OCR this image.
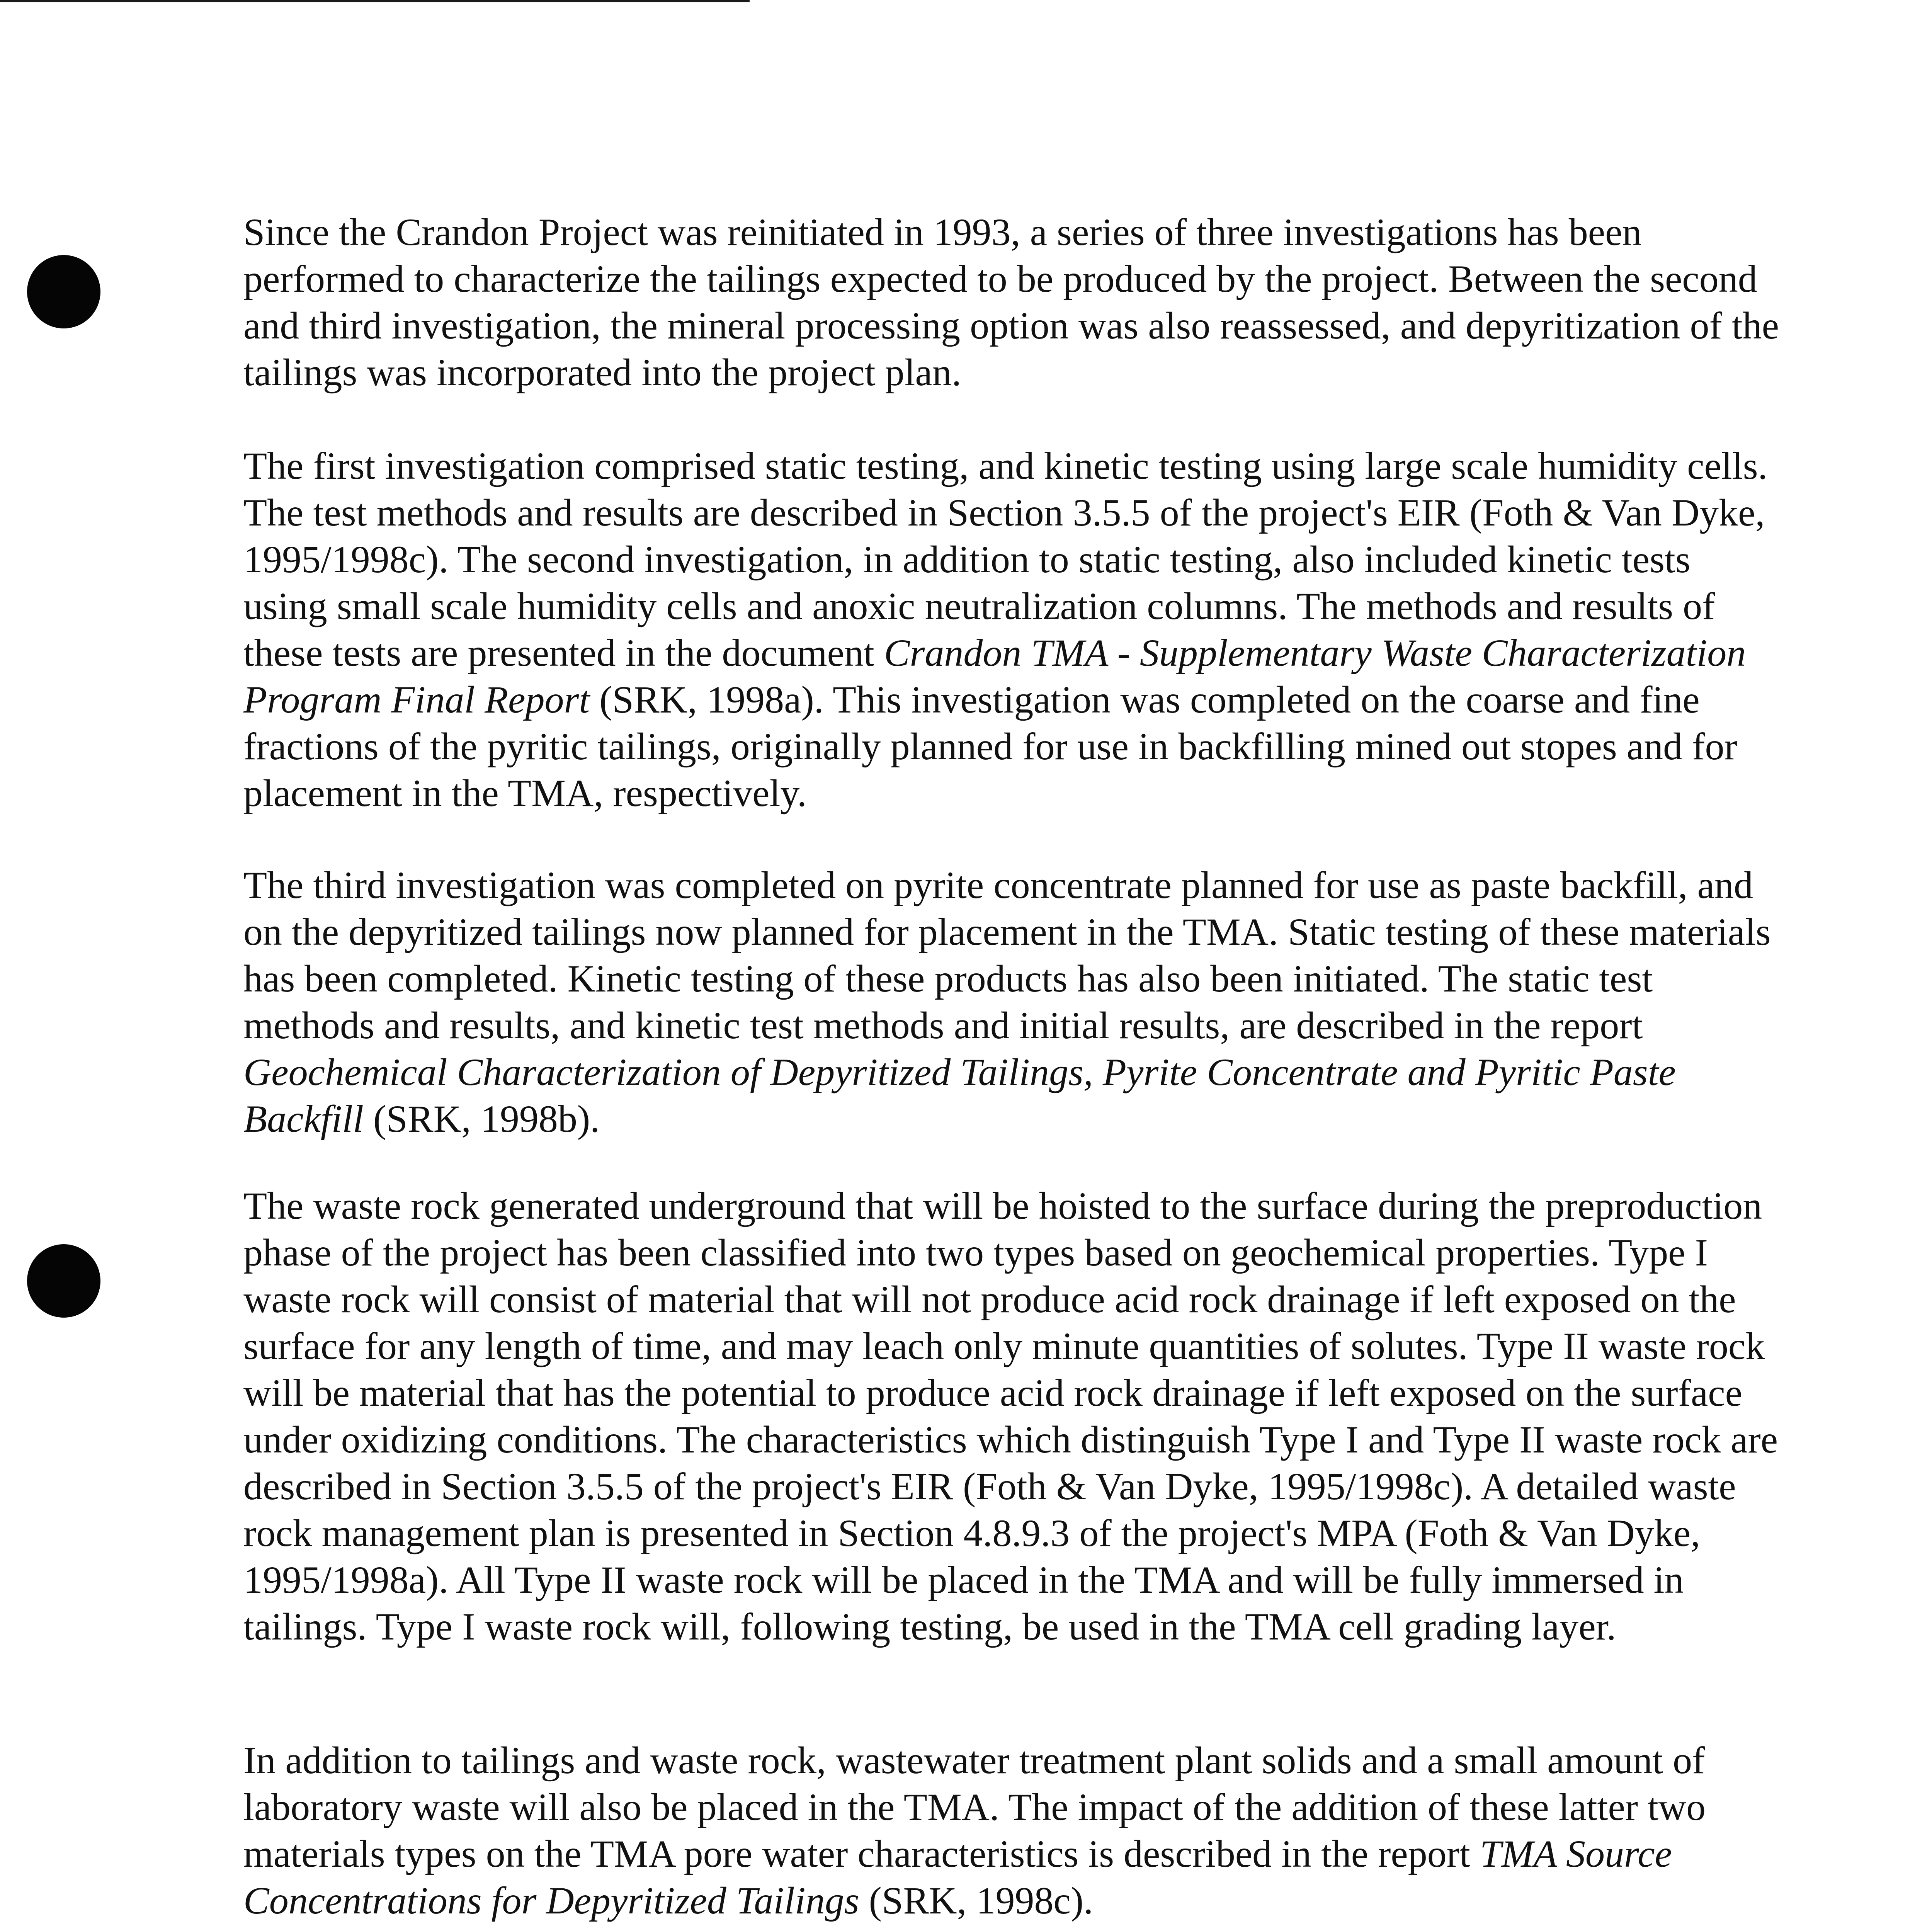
Since the Crandon Project was reinitiated in 1993, a series of three investigations has been performed to characterize the tailings expected to be produced by the project. Between the second and third investigation, the mineral processing option was also reassessed, and depyritization of the tailings was incorporated into the project plan.

The first investigation comprised static testing, and kinetic testing using large scale humidity cells. The test methods and results are described in Section 3.5.5 of the project's EIR (Foth & Van Dyke, 1995/1998c). The second investigation, in addition to static testing, also included kinetic tests using small scale humidity cells and anoxic neutralization columns. The methods and results of these tests are presented in the document Crandon TMA - Supplementary Waste Characterization Program Final Report (SRK, 1998a). This investigation was completed on the coarse and fine fractions of the pyritic tailings, originally planned for use in backfilling mined out stopes and for placement in the TMA, respectively.

The third investigation was completed on pyrite concentrate planned for use as paste backfill, and on the depyritized tailings now planned for placement in the TMA. Static testing of these materials has been completed. Kinetic testing of these products has also been initiated. The static test methods and results, and kinetic test methods and initial results, are described in the report Geochemical Characterization of Depyritized Tailings, Pyrite Concentrate and Pyritic Paste Backfill (SRK, 1998b).

The waste rock generated underground that will be hoisted to the surface during the preproduction phase of the project has been classified into two types based on geochemical properties. Type I waste rock will consist of material that will not produce acid rock drainage if left exposed on the surface for any length of time, and may leach only minute quantities of solutes. Type II waste rock will be material that has the potential to produce acid rock drainage if left exposed on the surface under oxidizing conditions. The characteristics which distinguish Type I and Type II waste rock are described in Section 3.5.5 of the project's EIR (Foth & Van Dyke, 1995/1998c). A detailed waste rock management plan is presented in Section 4.8.9.3 of the project's MPA (Foth & Van Dyke, 1995/1998a). All Type II waste rock will be placed in the TMA and will be fully immersed in tailings. Type I waste rock will, following testing, be used in the TMA cell grading layer.

In addition to tailings and waste rock, wastewater treatment plant solids and a small amount of laboratory waste will also be placed in the TMA. The impact of the addition of these latter two materials types on the TMA pore water characteristics is described in the report TMA Source Concentrations for Depyritized Tailings (SRK, 1998c).
